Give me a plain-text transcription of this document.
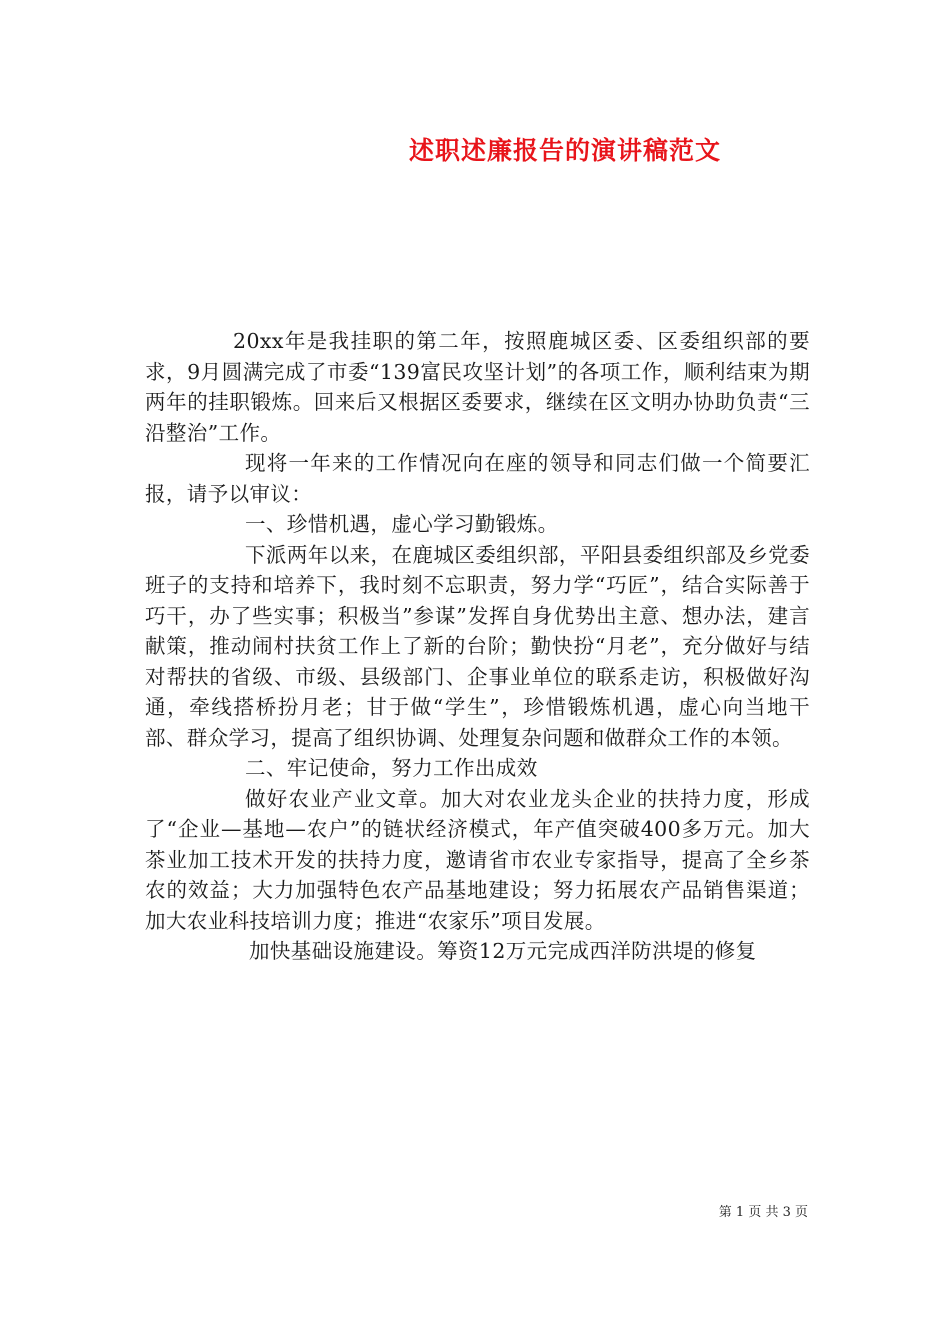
述职述廉报告的演讲稿范文

20xx年是我挂职的第二年，按照鹿城区委、区委组织部的要求，9月圆满完成了市委“139富民攻坚计划”的各项工作，顺利结束为期两年的挂职锻炼。回来后又根据区委要求，继续在区文明办协助负责“三沿整治”工作。

现将一年来的工作情况向在座的领导和同志们做一个简要汇报，请予以审议：

一、珍惜机遇，虚心学习勤锻炼。

下派两年以来，在鹿城区委组织部，平阳县委组织部及乡党委班子的支持和培养下，我时刻不忘职责，努力学“巧匠”，结合实际善于巧干，办了些实事；积极当”参谋”发挥自身优势出主意、想办法，建言献策，推动闹村扶贫工作上了新的台阶；勤快扮“月老”，充分做好与结对帮扶的省级、市级、县级部门、企事业单位的联系走访，积极做好沟通，牵线搭桥扮月老；甘于做“学生”，珍惜锻炼机遇，虚心向当地干部、群众学习，提高了组织协调、处理复杂问题和做群众工作的本领。

二、牢记使命，努力工作出成效

做好农业产业文章。加大对农业龙头企业的扶持力度，形成了“企业—基地—农户”的链状经济模式，年产值突破400多万元。加大茶业加工技术开发的扶持力度，邀请省市农业专家指导，提高了全乡茶农的效益；大力加强特色农产品基地建设；努力拓展农产品销售渠道；加大农业科技培训力度；推进“农家乐”项目发展。

加快基础设施建设。筹资12万元完成西洋防洪堤的修复

第 1 页 共 3 页
